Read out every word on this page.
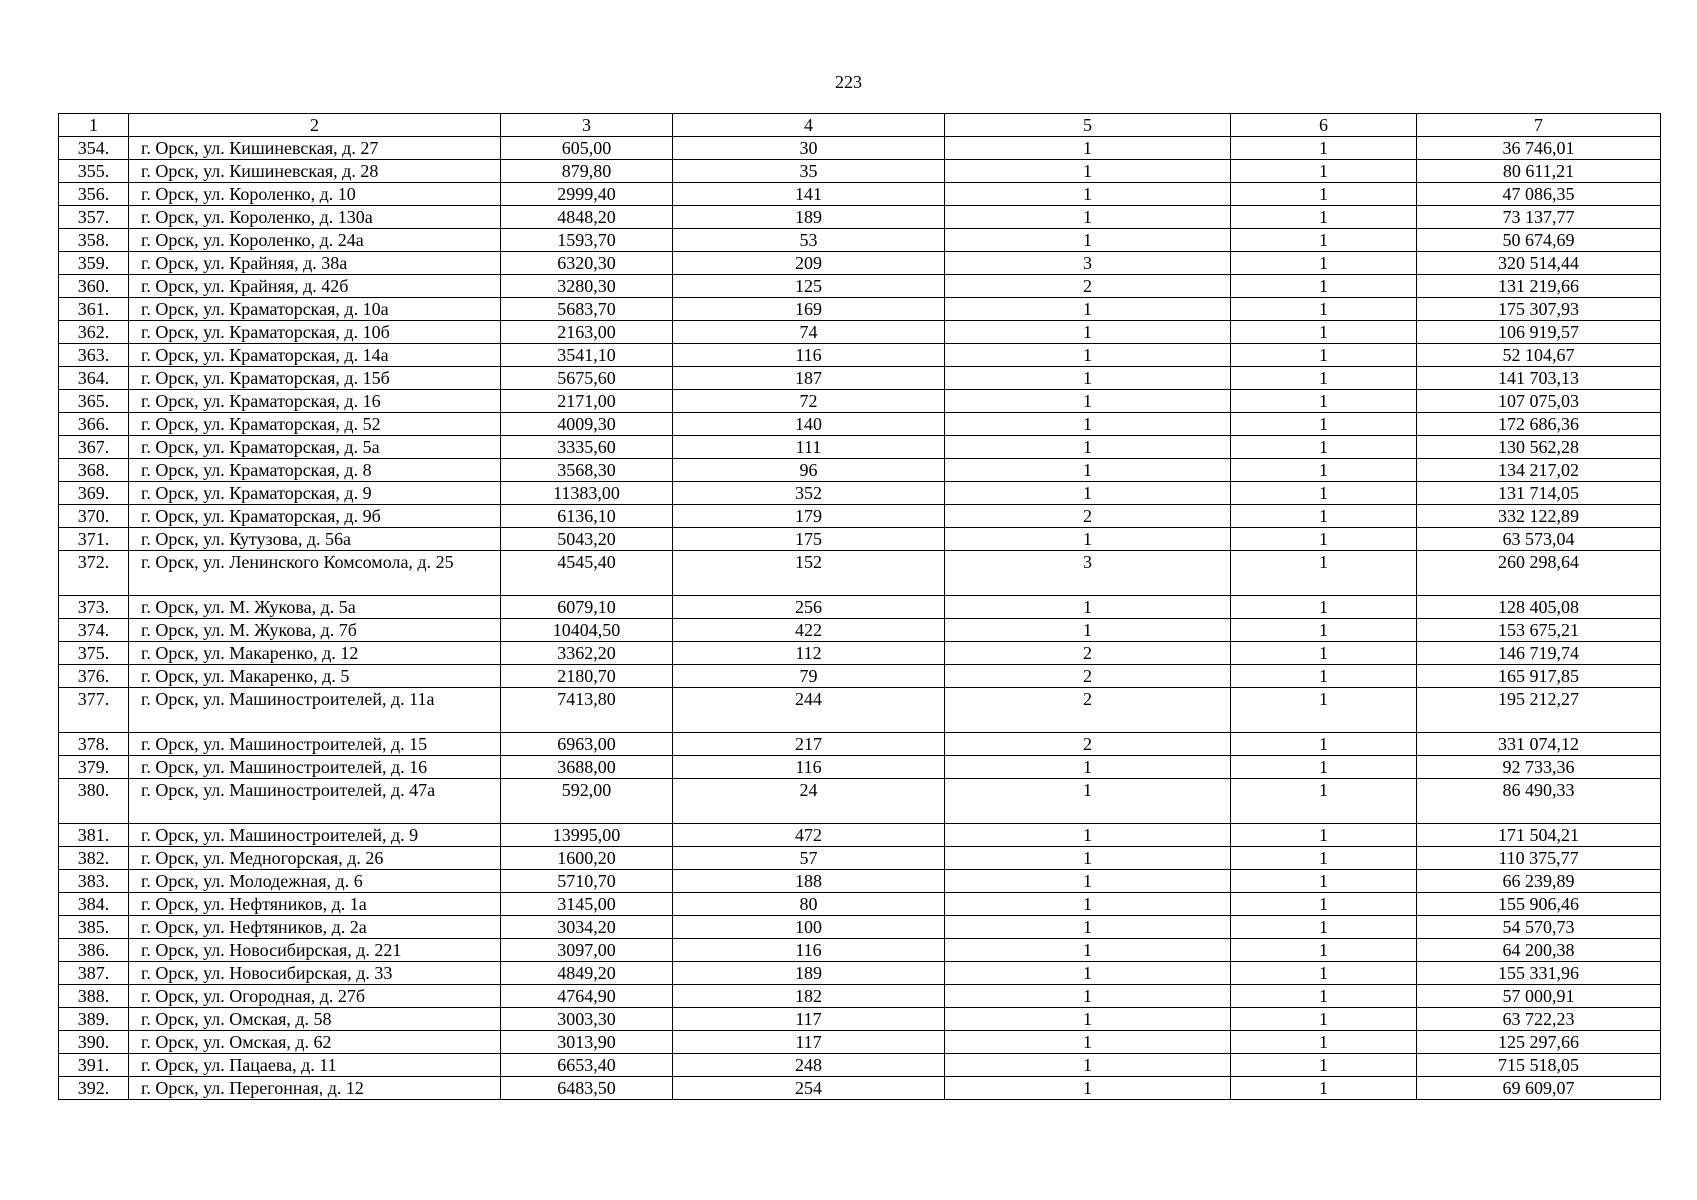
223
1	2	3	4	5	6	7
354.	г. Орск, ул. Кишиневская, д. 27	605,00	30	1	1	36 746,01
355.	г. Орск, ул. Кишиневская, д. 28	879,80	35	1	1	80 611,21
356.	г. Орск, ул. Короленко, д. 10	2999,40	141	1	1	47 086,35
357.	г. Орск, ул. Короленко, д. 130а	4848,20	189	1	1	73 137,77
358.	г. Орск, ул. Короленко, д. 24а	1593,70	53	1	1	50 674,69
359.	г. Орск, ул. Крайняя, д. 38а	6320,30	209	3	1	320 514,44
360.	г. Орск, ул. Крайняя, д. 42б	3280,30	125	2	1	131 219,66
361.	г. Орск, ул. Краматорская, д. 10а	5683,70	169	1	1	175 307,93
362.	г. Орск, ул. Краматорская, д. 10б	2163,00	74	1	1	106 919,57
363.	г. Орск, ул. Краматорская, д. 14а	3541,10	116	1	1	52 104,67
364.	г. Орск, ул. Краматорская, д. 15б	5675,60	187	1	1	141 703,13
365.	г. Орск, ул. Краматорская, д. 16	2171,00	72	1	1	107 075,03
366.	г. Орск, ул. Краматорская, д. 52	4009,30	140	1	1	172 686,36
367.	г. Орск, ул. Краматорская, д. 5а	3335,60	111	1	1	130 562,28
368.	г. Орск, ул. Краматорская, д. 8	3568,30	96	1	1	134 217,02
369.	г. Орск, ул. Краматорская, д. 9	11383,00	352	1	1	131 714,05
370.	г. Орск, ул. Краматорская, д. 9б	6136,10	179	2	1	332 122,89
371.	г. Орск, ул. Кутузова, д. 56а	5043,20	175	1	1	63 573,04
372.	г. Орск, ул. Ленинского Комсомола, д. 25	4545,40	152	3	1	260 298,64
373.	г. Орск, ул. М. Жукова, д. 5а	6079,10	256	1	1	128 405,08
374.	г. Орск, ул. М. Жукова, д. 7б	10404,50	422	1	1	153 675,21
375.	г. Орск, ул. Макаренко, д. 12	3362,20	112	2	1	146 719,74
376.	г. Орск, ул. Макаренко, д. 5	2180,70	79	2	1	165 917,85
377.	г. Орск, ул. Машиностроителей, д. 11а	7413,80	244	2	1	195 212,27
378.	г. Орск, ул. Машиностроителей, д. 15	6963,00	217	2	1	331 074,12
379.	г. Орск, ул. Машиностроителей, д. 16	3688,00	116	1	1	92 733,36
380.	г. Орск, ул. Машиностроителей, д. 47а	592,00	24	1	1	86 490,33
381.	г. Орск, ул. Машиностроителей, д. 9	13995,00	472	1	1	171 504,21
382.	г. Орск, ул. Медногорская, д. 26	1600,20	57	1	1	110 375,77
383.	г. Орск, ул. Молодежная, д. 6	5710,70	188	1	1	66 239,89
384.	г. Орск, ул. Нефтяников, д. 1а	3145,00	80	1	1	155 906,46
385.	г. Орск, ул. Нефтяников, д. 2а	3034,20	100	1	1	54 570,73
386.	г. Орск, ул. Новосибирская, д. 221	3097,00	116	1	1	64 200,38
387.	г. Орск, ул. Новосибирская, д. 33	4849,20	189	1	1	155 331,96
388.	г. Орск, ул. Огородная, д. 27б	4764,90	182	1	1	57 000,91
389.	г. Орск, ул. Омская, д. 58	3003,30	117	1	1	63 722,23
390.	г. Орск, ул. Омская, д. 62	3013,90	117	1	1	125 297,66
391.	г. Орск, ул. Пацаева, д. 11	6653,40	248	1	1	715 518,05
392.	г. Орск, ул. Перегонная, д. 12	6483,50	254	1	1	69 609,07
